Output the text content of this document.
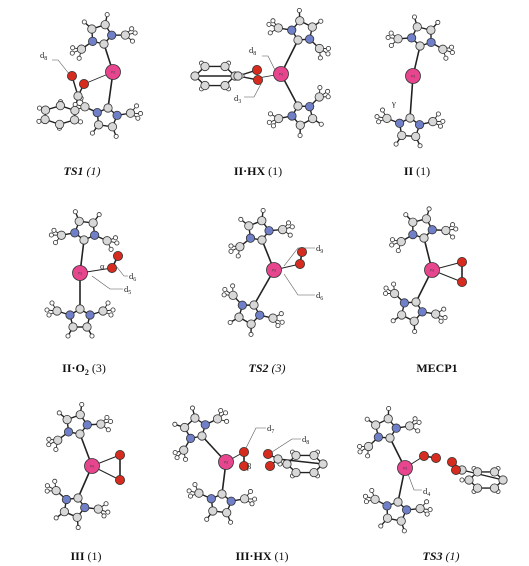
Pd
$d_8$
Pd
$d_8$
$d_3$
Pd
γ
Pd
α
$d_6$
$d_5$
Pd
$d_9$
$d_6$
Pd
Pd
Pd
$d_7$
$d_8$
β	Pd
$d_4$
TS1 (1)	II·HX (1)	II (1)
$II\cdot O_2$ (3)	TS2 (3)	MECP1
III (1)	III·HX (1)	TS3 (1)
